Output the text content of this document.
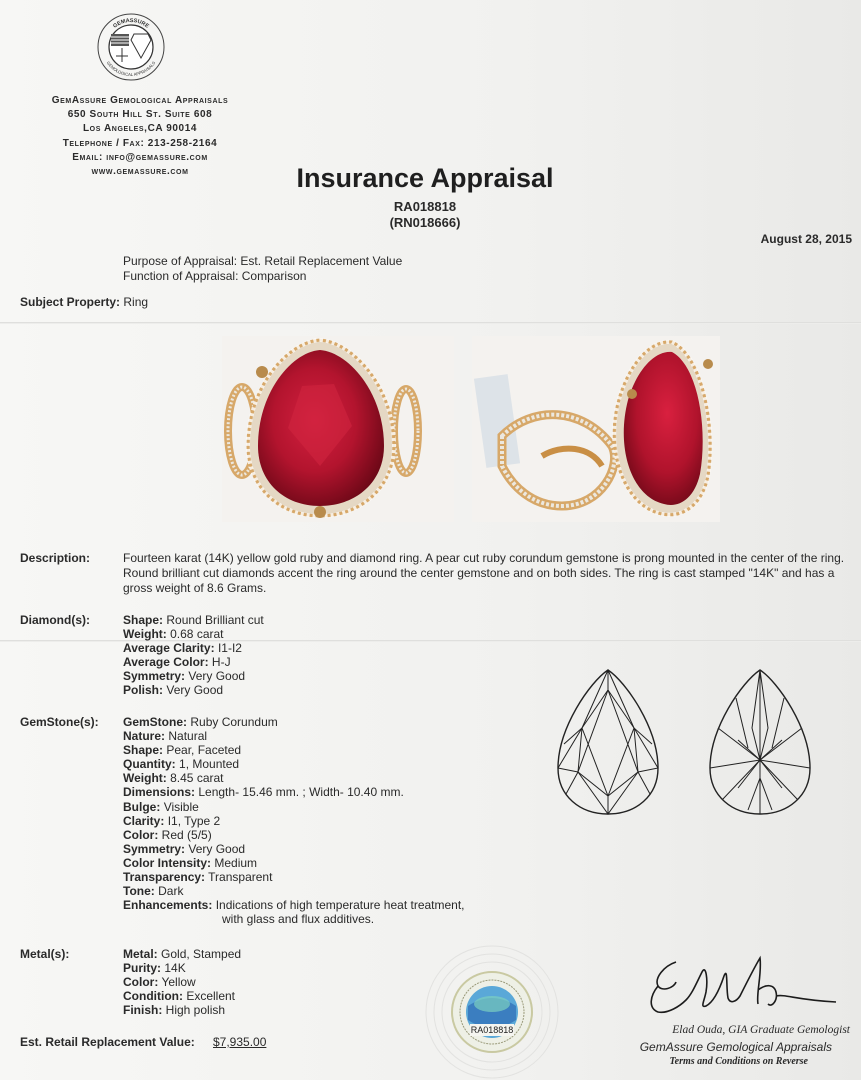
GEMASSURE
GEMOLOGICAL APPRAISALS
GemAssure Gemological Appraisals
650 South Hill St. Suite 608
Los Angeles,CA 90014
Telephone / Fax: 213-258-2164
Email: info@gemassure.com
www.gemassure.com	Insurance Appraisal
RA018818
(RN018666)
August 28, 2015
Purpose of Appraisal: Est. Retail Replacement Value
Function of Appraisal: Comparison
Subject Property: Ring
Description:	Fourteen karat (14K) yellow gold ruby and diamond ring. A pear cut ruby corundum gemstone is prong mounted in the center of the ring. Round brilliant cut diamonds accent the ring around the center gemstone and on both sides. The ring is cast stamped "14K" and has a gross weight of 8.6 Grams.
Diamond(s):	Shape: Round Brilliant cut
Weight: 0.68 carat
Average Clarity: I1-I2
Average Color: H-J
Symmetry: Very Good
Polish: Very Good
GemStone(s): GemStone: Ruby Corundum
Nature: Natural
Shape: Pear, Faceted
Quantity: 1, Mounted
Weight: 8.45 carat
Dimensions: Length- 15.46 mm. ; Width- 10.40 mm.
Bulge: Visible
Clarity: I1, Type 2
Color: Red (5/5)
Symmetry: Very Good
Color Intensity: Medium
Transparency: Transparent
Tone: Dark
Enhancements: Indications of high temperature heat treatment,
with glass and flux additives.
Metal(s):	Metal: Gold, Stamped
Purity: 14K
Color: Yellow
Condition: Excellent
Finish: High polish
RA018818	Elad Ouda, GIA Graduate Gemologist
GemAssure Gemological Appraisals
Terms and Conditions on Reverse
Est. Retail Replacement Value: $7,935.00
